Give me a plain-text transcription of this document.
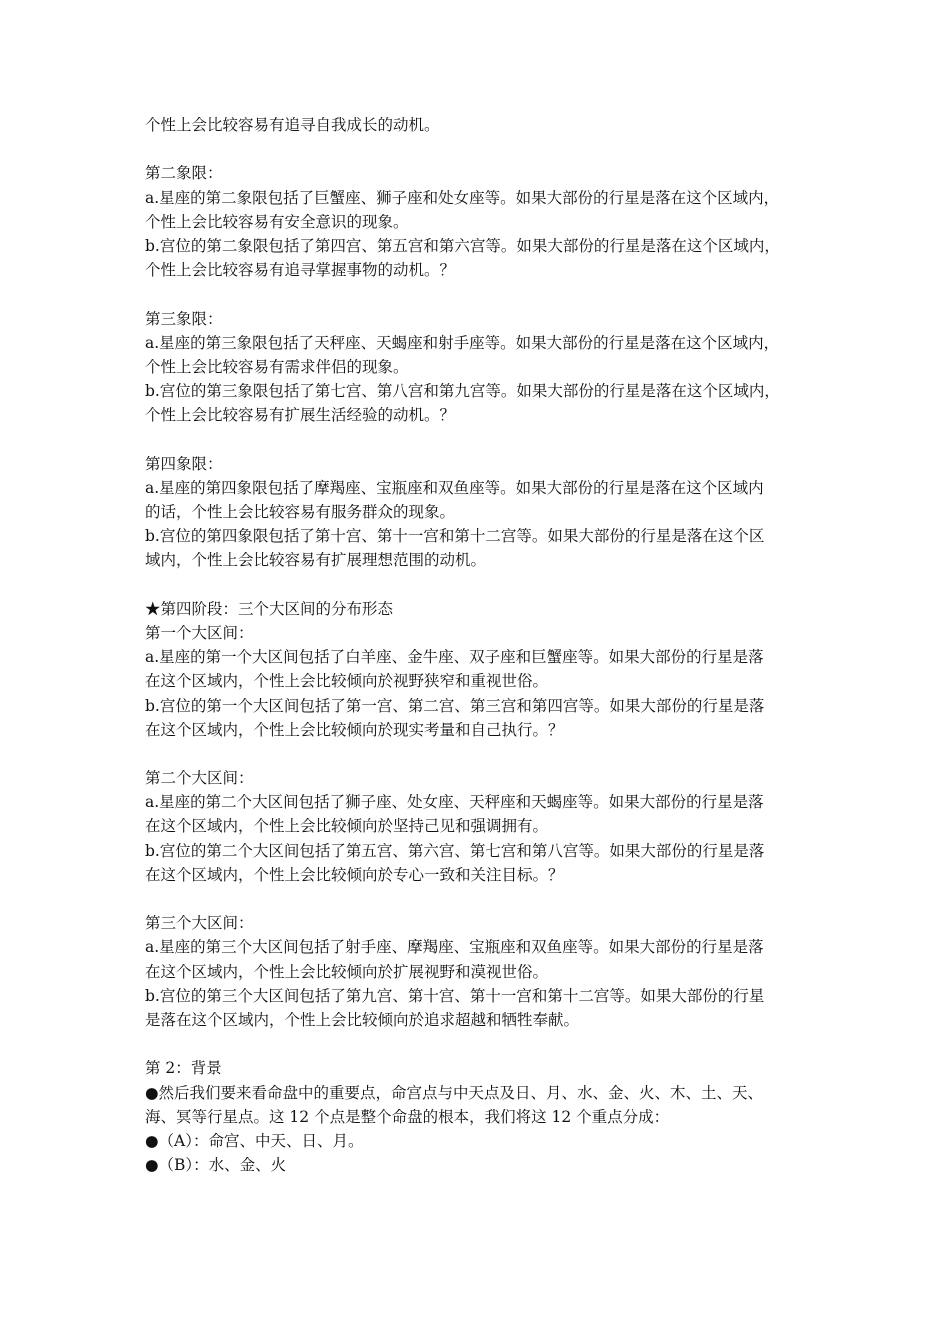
个性上会比较容易有追寻自我成长的动机。
第二象限：
a.星座的第二象限包括了巨蟹座、狮子座和处女座等。如果大部份的行星是落在这个区域内，
个性上会比较容易有安全意识的现象。
b.宫位的第二象限包括了第四宫、第五宫和第六宫等。如果大部份的行星是落在这个区域内，
个性上会比较容易有追寻掌握事物的动机。？
第三象限：
a.星座的第三象限包括了天秤座、天蝎座和射手座等。如果大部份的行星是落在这个区域内，
个性上会比较容易有需求伴侣的现象。
b.宫位的第三象限包括了第七宫、第八宫和第九宫等。如果大部份的行星是落在这个区域内，
个性上会比较容易有扩展生活经验的动机。？
第四象限：
a.星座的第四象限包括了摩羯座、宝瓶座和双鱼座等。如果大部份的行星是落在这个区域内
的话，个性上会比较容易有服务群众的现象。
b.宫位的第四象限包括了第十宫、第十一宫和第十二宫等。如果大部份的行星是落在这个区
域内，个性上会比较容易有扩展理想范围的动机。
★第四阶段：三个大区间的分布形态
第一个大区间：
a.星座的第一个大区间包括了白羊座、金牛座、双子座和巨蟹座等。如果大部份的行星是落
在这个区域内，个性上会比较倾向於视野狭窄和重视世俗。
b.宫位的第一个大区间包括了第一宫、第二宫、第三宫和第四宫等。如果大部份的行星是落
在这个区域内，个性上会比较倾向於现实考量和自己执行。？
第二个大区间：
a.星座的第二个大区间包括了狮子座、处女座、天秤座和天蝎座等。如果大部份的行星是落
在这个区域内，个性上会比较倾向於坚持己见和强调拥有。
b.宫位的第二个大区间包括了第五宫、第六宫、第七宫和第八宫等。如果大部份的行星是落
在这个区域内，个性上会比较倾向於专心一致和关注目标。？
第三个大区间：
a.星座的第三个大区间包括了射手座、摩羯座、宝瓶座和双鱼座等。如果大部份的行星是落
在这个区域内，个性上会比较倾向於扩展视野和漠视世俗。
b.宫位的第三个大区间包括了第九宫、第十宫、第十一宫和第十二宫等。如果大部份的行星
是落在这个区域内，个性上会比较倾向於追求超越和牺牲奉献。
第 2：背景
●然后我们要来看命盘中的重要点，命宫点与中天点及日、月、水、金、火、木、土、天、
海、冥等行星点。这 12 个点是整个命盘的根本，我们将这 12 个重点分成：
●（A）：命宫、中天、日、月。
●（B）：水、金、火
